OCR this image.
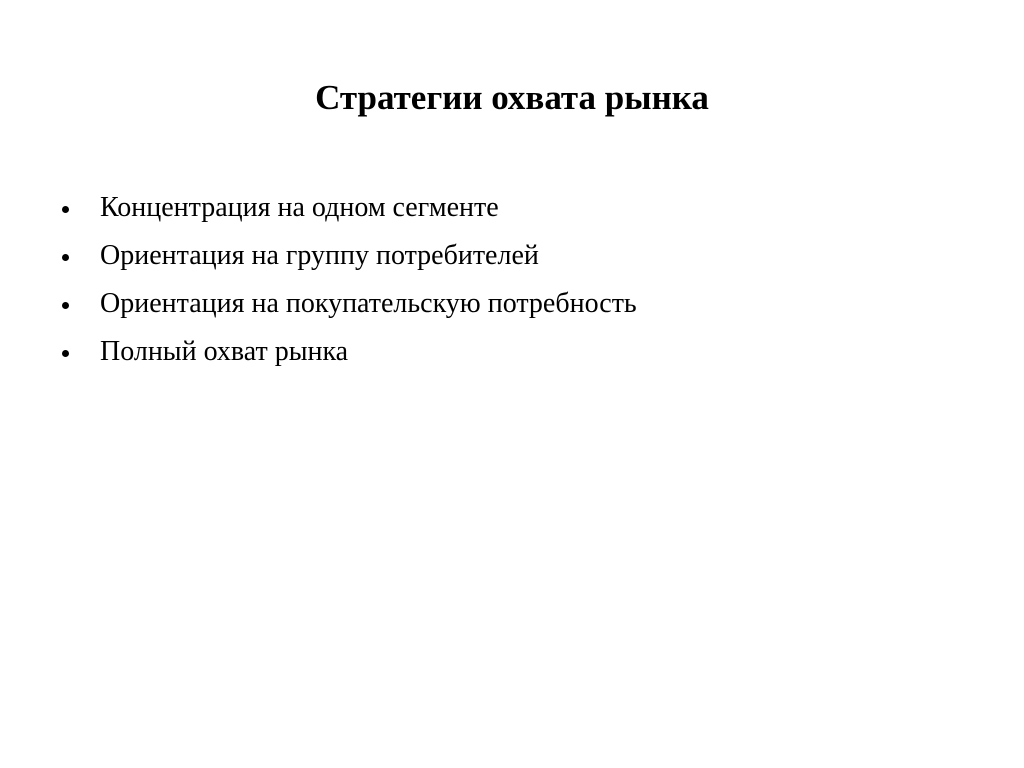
Стратегии охвата рынка
Концентрация на одном сегменте
Ориентация на группу потребителей
Ориентация на покупательскую потребность
Полный охват рынка
